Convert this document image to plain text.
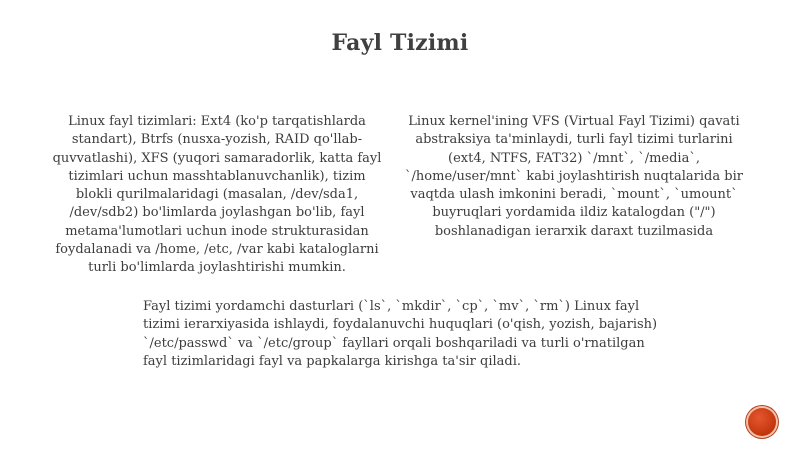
Fayl Tizimi
Linux fayl tizimlari: Ext4 (ko'p tarqatishlarda standart), Btrfs (nusxa-yozish, RAID qo'llab-quvvatlashi), XFS (yuqori samaradorlik, katta fayl tizimlari uchun masshtablanuvchanlik), tizim blokli qurilmalaridagi (masalan, /dev/sda1, /dev/sdb2) bo'limlarda joylashgan bo'lib, fayl metama'lumotlari uchun inode strukturasidan foydalanadi va /home, /etc, /var kabi kataloglarni turli bo'limlarda joylashtirishi mumkin.
Linux kernel'ining VFS (Virtual Fayl Tizimi) qavati abstraksiya ta'minlaydi, turli fayl tizimi turlarini (ext4, NTFS, FAT32) `/mnt`, `/media`, `/home/user/mnt` kabi joylashtirish nuqtalarida bir vaqtda ulash imkonini beradi, `mount`, `umount` buyruqlari yordamida ildiz katalogdan ("/") boshlanadigan ierarxik daraxt tuzilmasida
Fayl tizimi yordamchi dasturlari (`ls`, `mkdir`, `cp`, `mv`, `rm`) Linux fayl tizimi ierarxiyasida ishlaydi, foydalanuvchi huquqlari (o'qish, yozish, bajarish) `/etc/passwd` va `/etc/group` fayllari orqali boshqariladi va turli o'rnatilgan fayl tizimlaridagi fayl va papkalarga kirishga ta'sir qiladi.
